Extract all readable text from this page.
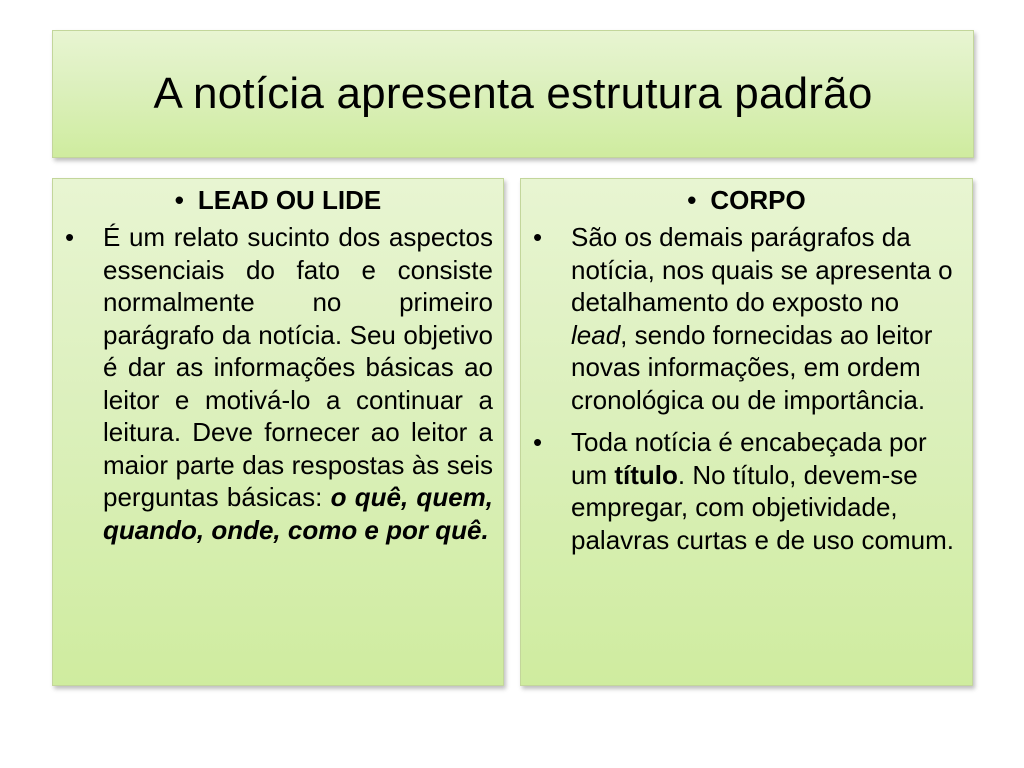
A notícia apresenta estrutura padrão
• LEAD OU LIDE
•	É um relato sucinto dos aspectos essenciais do fato e consiste normalmente no primeiro parágrafo da notícia. Seu objetivo é dar as informações básicas ao leitor e motivá-lo a continuar a leitura. Deve fornecer ao leitor a maior parte das respostas às seis perguntas básicas: o quê, quem, quando, onde, como e por quê.
• CORPO
•	São os demais parágrafos da notícia, nos quais se apresenta o detalhamento do exposto no lead, sendo fornecidas ao leitor novas informações, em ordem cronológica ou de importância.
•	Toda notícia é encabeçada por um título. No título, devem-se empregar, com objetividade, palavras curtas e de uso comum.
